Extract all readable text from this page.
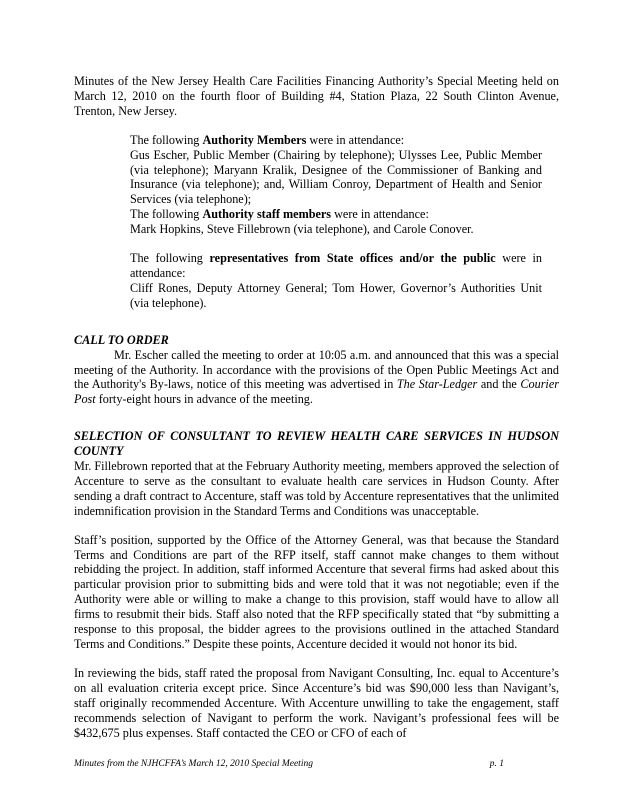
Minutes of the New Jersey Health Care Facilities Financing Authority’s Special Meeting held on March 12, 2010 on the fourth floor of Building #4, Station Plaza, 22 South Clinton Avenue, Trenton, New Jersey.

The following Authority Members were in attendance:

Gus Escher, Public Member (Chairing by telephone); Ulysses Lee, Public Member (via telephone); Maryann Kralik, Designee of the Commissioner of Banking and Insurance (via telephone); and, William Conroy, Department of Health and Senior Services (via telephone);

The following Authority staff members were in attendance:

Mark Hopkins, Steve Fillebrown (via telephone), and Carole Conover.

The following representatives from State offices and/or the public were in attendance:

Cliff Rones, Deputy Attorney General; Tom Hower, Governor’s Authorities Unit (via telephone).

CALL TO ORDER

Mr. Escher called the meeting to order at 10:05 a.m. and announced that this was a special meeting of the Authority. In accordance with the provisions of the Open Public Meetings Act and the Authority's By-laws, notice of this meeting was advertised in The Star-Ledger and the Courier Post forty-eight hours in advance of the meeting.

SELECTION OF CONSULTANT TO REVIEW HEALTH CARE SERVICES IN HUDSON COUNTY

Mr. Fillebrown reported that at the February Authority meeting, members approved the selection of Accenture to serve as the consultant to evaluate health care services in Hudson County. After sending a draft contract to Accenture, staff was told by Accenture representatives that the unlimited indemnification provision in the Standard Terms and Conditions was unacceptable.

Staff’s position, supported by the Office of the Attorney General, was that because the Standard Terms and Conditions are part of the RFP itself, staff cannot make changes to them without rebidding the project. In addition, staff informed Accenture that several firms had asked about this particular provision prior to submitting bids and were told that it was not negotiable; even if the Authority were able or willing to make a change to this provision, staff would have to allow all firms to resubmit their bids. Staff also noted that the RFP specifically stated that “by submitting a response to this proposal, the bidder agrees to the provisions outlined in the attached Standard Terms and Conditions.” Despite these points, Accenture decided it would not honor its bid.

In reviewing the bids, staff rated the proposal from Navigant Consulting, Inc. equal to Accenture’s on all evaluation criteria except price. Since Accenture’s bid was $90,000 less than Navigant’s, staff originally recommended Accenture. With Accenture unwilling to take the engagement, staff recommends selection of Navigant to perform the work. Navigant’s professional fees will be $432,675 plus expenses. Staff contacted the CEO or CFO of each of

Minutes from the NJHCFFA’s March 12, 2010 Special Meeting	p. 1
